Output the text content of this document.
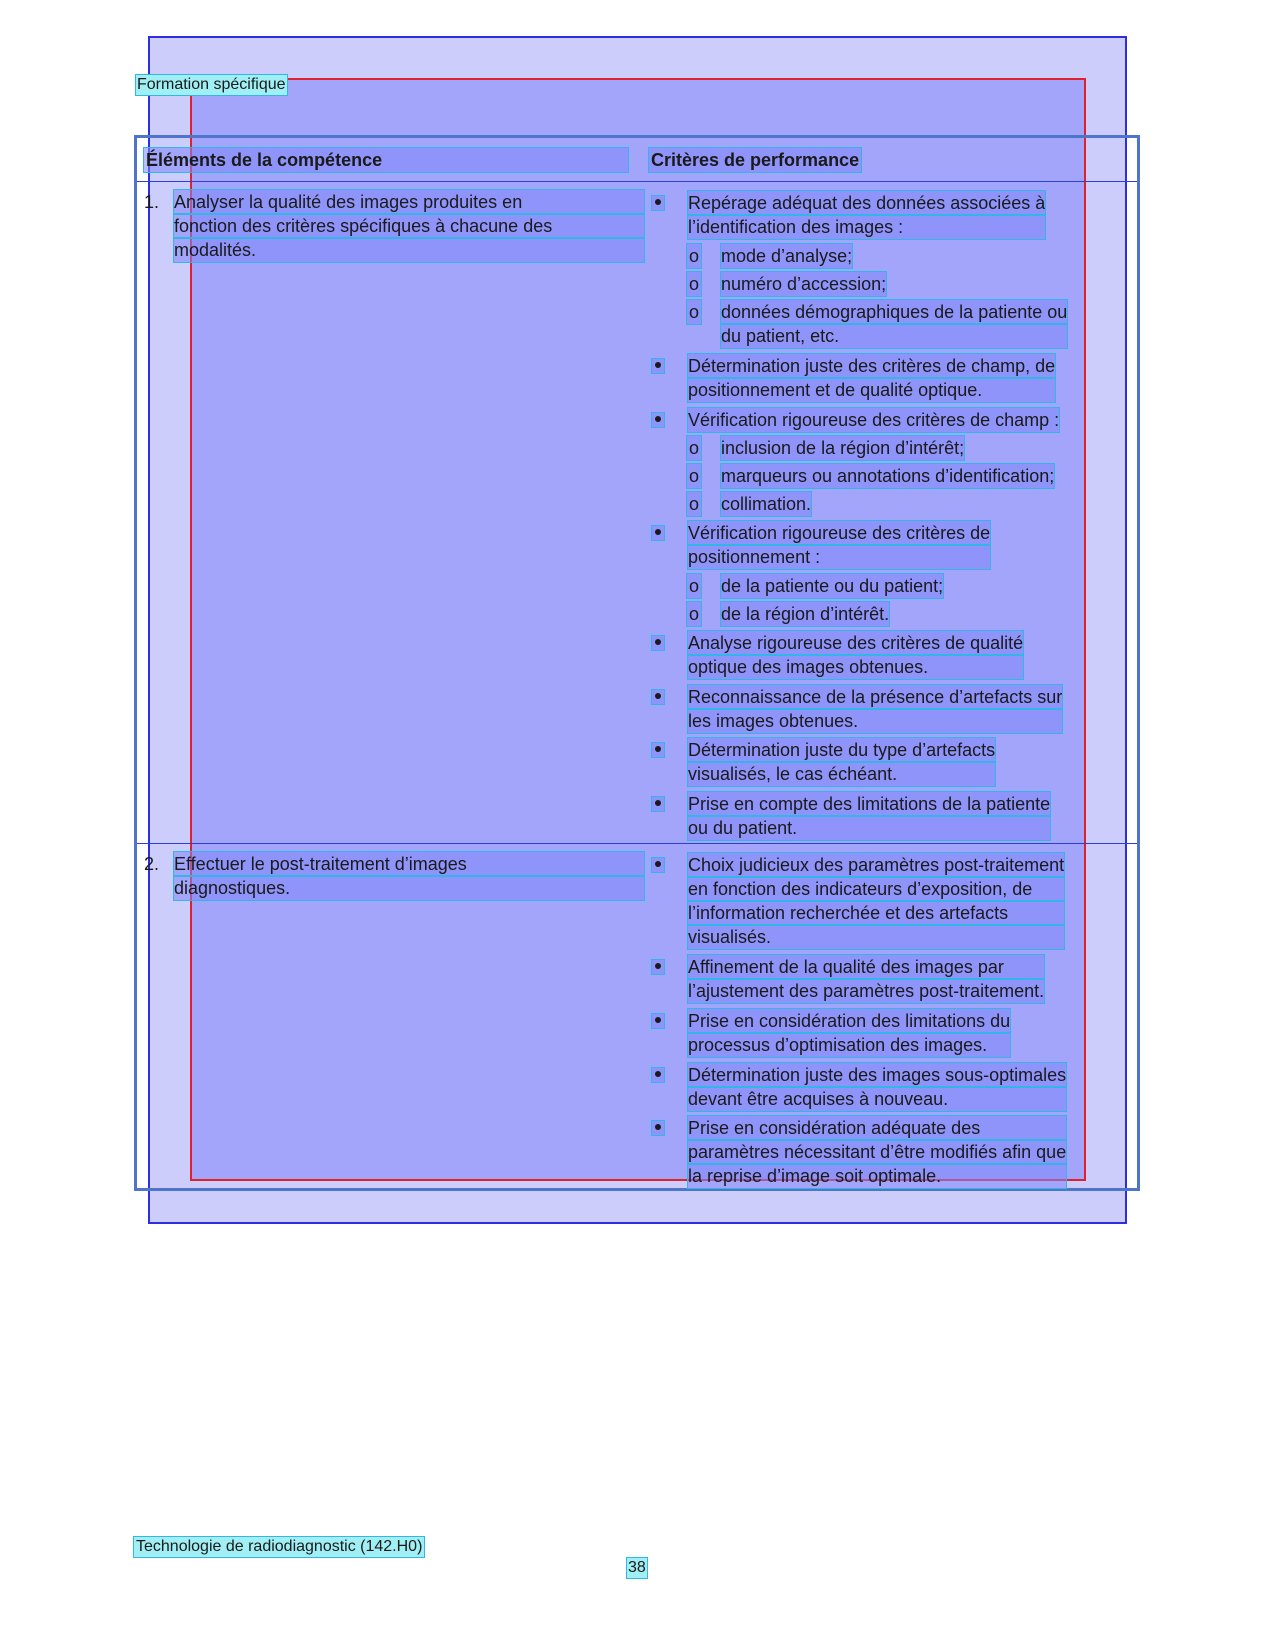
Formation spécifique
Éléments de la compétence	Critères de performance
1. Analyser la qualité des images produites en
fonction des critères spécifiques à chacune des
modalités.
Repérage adéquat des données associées à
l’identification des images :
o mode d’analyse;
o numéro d’accession;
o données démographiques de la patiente ou
du patient, etc.
Détermination juste des critères de champ, de
positionnement et de qualité optique.
Vérification rigoureuse des critères de champ :
o inclusion de la région d’intérêt;
o marqueurs ou annotations d’identification;
o collimation.
Vérification rigoureuse des critères de
positionnement :
o de la patiente ou du patient;
o de la région d’intérêt.
Analyse rigoureuse des critères de qualité
optique des images obtenues.
Reconnaissance de la présence d’artefacts sur
les images obtenues.
Détermination juste du type d’artefacts
visualisés, le cas échéant.
Prise en compte des limitations de la patiente
ou du patient.
2. Effectuer le post-traitement d’images
diagnostiques.
Choix judicieux des paramètres post-traitement
en fonction des indicateurs d’exposition, de
l’information recherchée et des artefacts
visualisés.
Affinement de la qualité des images par
l’ajustement des paramètres post-traitement.
Prise en considération des limitations du
processus d’optimisation des images.
Détermination juste des images sous-optimales
devant être acquises à nouveau.
Prise en considération adéquate des
paramètres nécessitant d’être modifiés afin que
la reprise d’image soit optimale.
Technologie de radiodiagnostic (142.H0)
38
